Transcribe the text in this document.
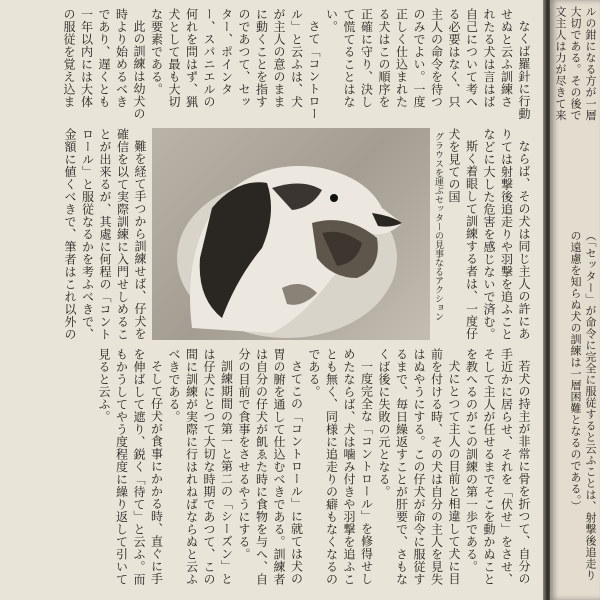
なくば羅針に行動せぬと云ふ訓練されたる犬は言はば自己について考へる必要はなく、只主人の命令を待つのみでよい。一度正しく仕込まれたる犬はこの順序を正確に守り、決して慌てることはない。

さて「コントロール」と云ふは、犬が主人の意のままに動くことを指すのであつて、セッター、ポインター、スパニエルの何れを問はず、猟犬として最も大切な要素である。

此の訓練は幼犬の時より始めるべきであり、遅くとも一年以内には大体の服従を覚え込ま

ならば、その犬は同じ主人の許にありては射撃後追走りや羽撃を追ふことなどに大した危害を感じないで済む。

斯く着眼して訓練する者は、一度仔犬を見ての国

グラウスを運ぶセッターの見事なるアクション

難を経て手つから訓練せば、仔犬を確信を以て実際訓練に入門せしめることが出来るが、其處に何程の「コントロール」と服従なるかを考ふべきで、金額に値くべきで、筆者はこれ以外の

若犬の持主が非常に骨を折つて、自分の手近かに居らせ、それを「伏せ」をさせ、そして主人が任せるまでそこを動かぬことを教へるのがこの訓練の第一歩である。

犬にとつて主人の目前と相違して犬に目前を付ける時、その犬は自分の主人を見失はぬやうにする。この仔犬が命令に服従するまで、毎日繰返すことが肝要で、さもなくば後に失敗の元となる。

一度完全な「コントロール」を修得せしめたならば、犬は噛み付きや羽撃を追ふことも無く、同様に追走りの癖もなくなるのである。

さてこの「コントロール」に就ては犬の胃の腑を通して仕込むべきである。訓練者は自分の仔犬が飢ゑた時に食物を与へ、自分の目前で食事をさせるやうにする。

訓練期間の第一と第二の「シーズン」とは仔犬にとつて大切な時期であつて、この間に訓練が実際に行はれねばならぬと云ふべきである。

そして仔犬が食事にかかる時、直ぐに手を伸ばして遮り、鋭く「待て」と云ふ。而もかうしてやう度程度に繰り返して引いて見ると云ふ。

ルの鉗になる方が一層大切である。その後で文主人は力が尽きて来
（「セッター」が命令に完全に服従すると云ふことは、射撃後追走りの遠慮を知らぬ犬の訓練は一層困難となるのである。）
